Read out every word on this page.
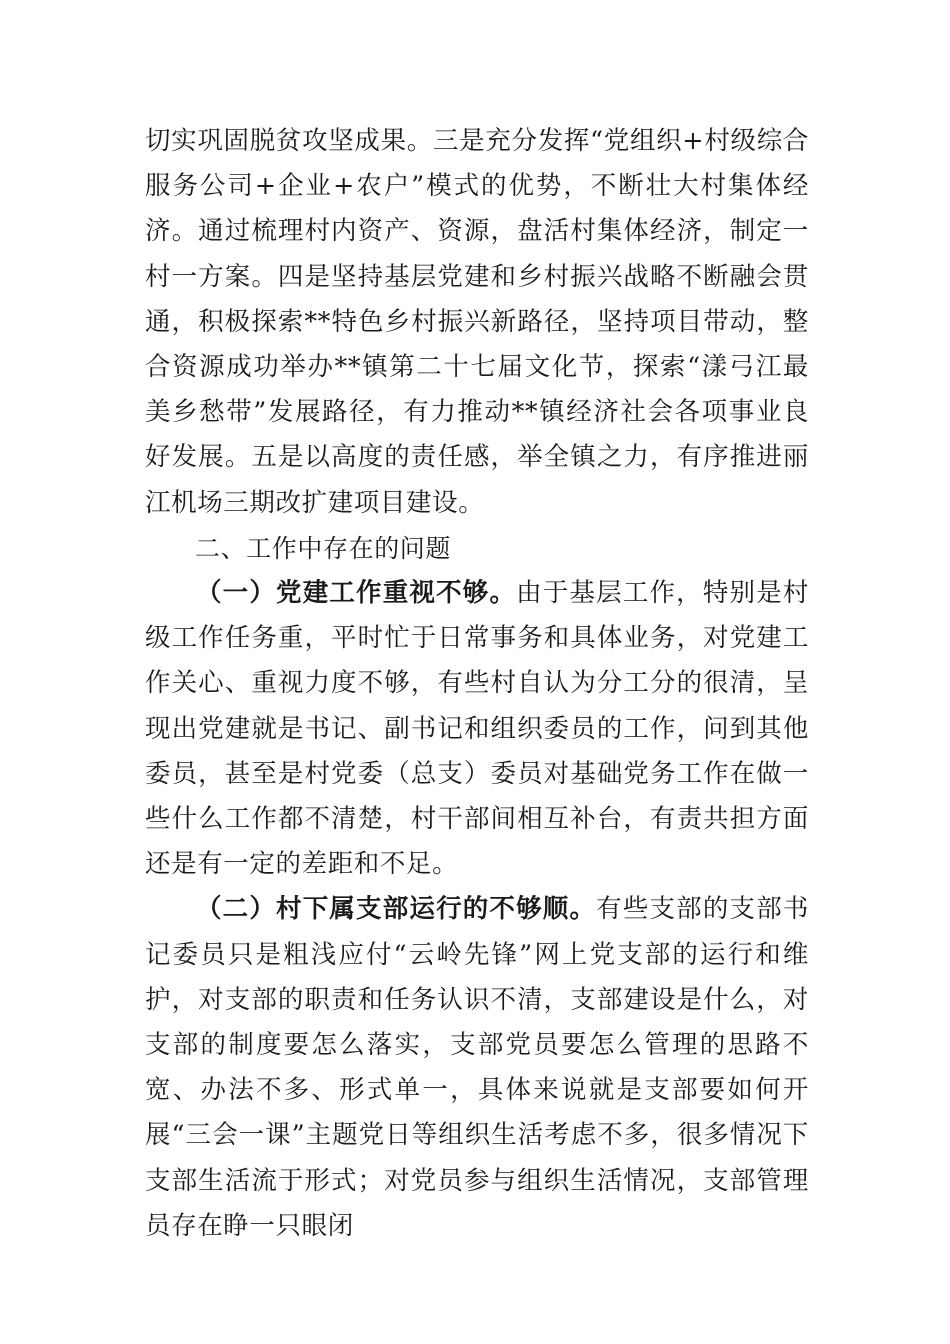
切实巩固脱贫攻坚成果。三是充分发挥“党组织+村级综合服务公司+企业+农户”模式的优势，不断壮大村集体经济。通过梳理村内资产、资源，盘活村集体经济，制定一村一方案。四是坚持基层党建和乡村振兴战略不断融会贯通，积极探索**特色乡村振兴新路径，坚持项目带动，整合资源成功举办**镇第二十七届文化节，探索“漾弓江最美乡愁带”发展路径，有力推动**镇经济社会各项事业良好发展。五是以高度的责任感，举全镇之力，有序推进丽江机场三期改扩建项目建设。

二、工作中存在的问题

（一）党建工作重视不够。由于基层工作，特别是村级工作任务重，平时忙于日常事务和具体业务，对党建工作关心、重视力度不够，有些村自认为分工分的很清，呈现出党建就是书记、副书记和组织委员的工作，问到其他委员，甚至是村党委（总支）委员对基础党务工作在做一些什么工作都不清楚，村干部间相互补台，有责共担方面还是有一定的差距和不足。

（二）村下属支部运行的不够顺。有些支部的支部书记委员只是粗浅应付“云岭先锋”网上党支部的运行和维护，对支部的职责和任务认识不清，支部建设是什么，对支部的制度要怎么落实，支部党员要怎么管理的思路不宽、办法不多、形式单一，具体来说就是支部要如何开展“三会一课”主题党日等组织生活考虑不多，很多情况下支部生活流于形式；对党员参与组织生活情况，支部管理员存在睁一只眼闭
